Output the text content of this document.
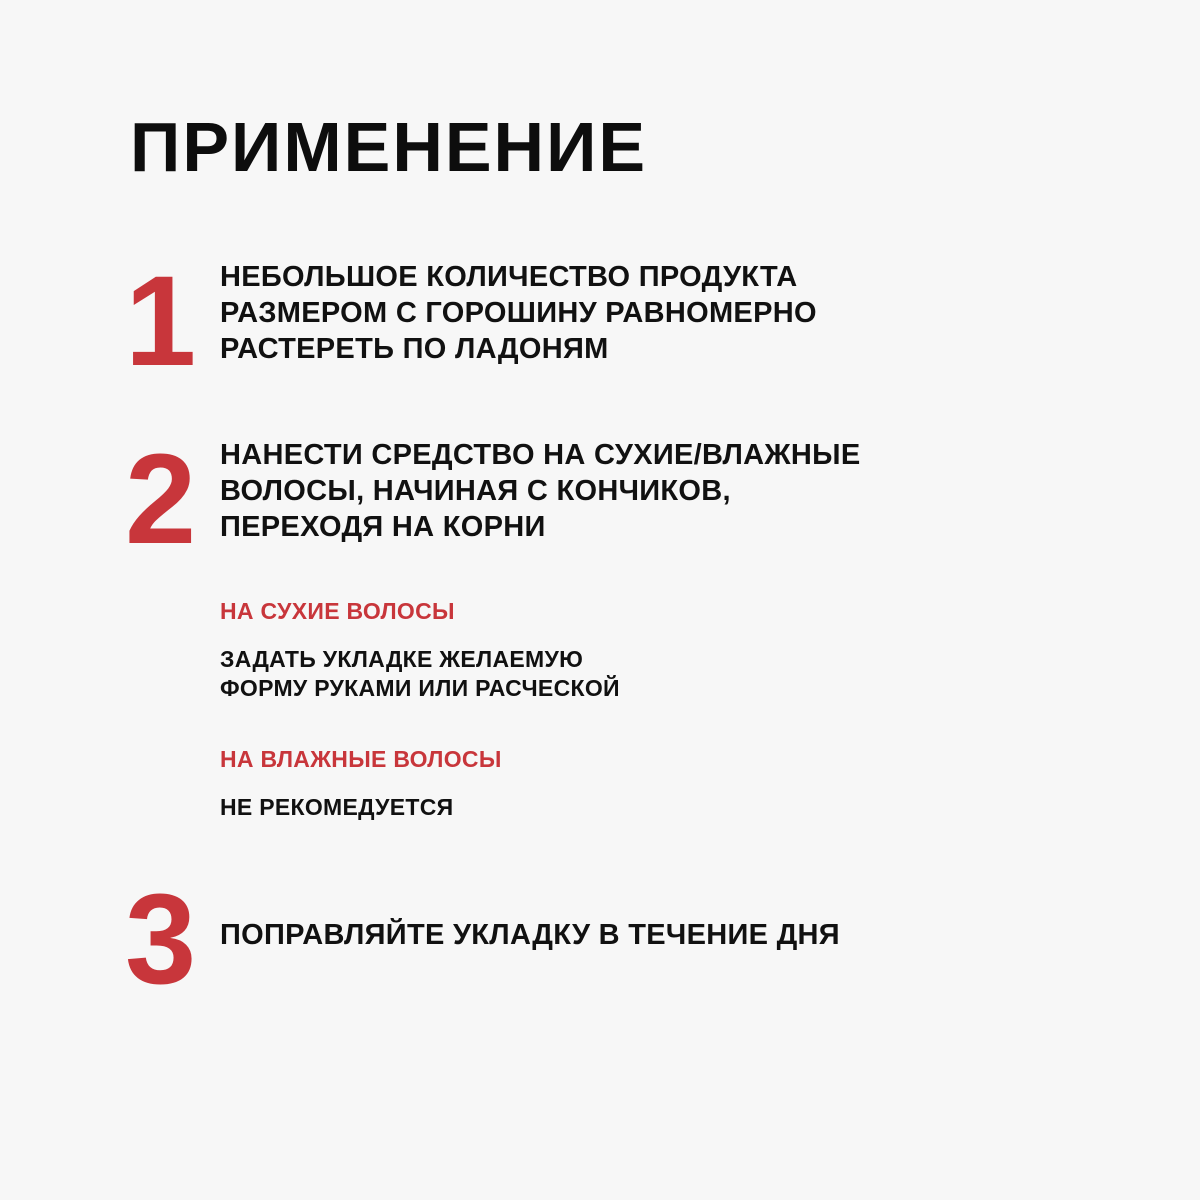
ПРИМЕНЕНИЕ
1 НЕБОЛЬШОЕ КОЛИЧЕСТВО ПРОДУКТА
РАЗМЕРОМ С ГОРОШИНУ РАВНОМЕРНО
РАСТЕРЕТЬ ПО ЛАДОНЯМ

2 НАНЕСТИ СРЕДСТВО НА СУХИЕ/ВЛАЖНЫЕ
ВОЛОСЫ, НАЧИНАЯ С КОНЧИКОВ,
ПЕРЕХОДЯ НА КОРНИ

НА СУХИЕ ВОЛОСЫ

ЗАДАТЬ УКЛАДКЕ ЖЕЛАЕМУЮ
ФОРМУ РУКАМИ ИЛИ РАСЧЕСКОЙ

НА ВЛАЖНЫЕ ВОЛОСЫ

НЕ РЕКОМЕДУЕТСЯ

3 ПОПРАВЛЯЙТЕ УКЛАДКУ В ТЕЧЕНИЕ ДНЯ
